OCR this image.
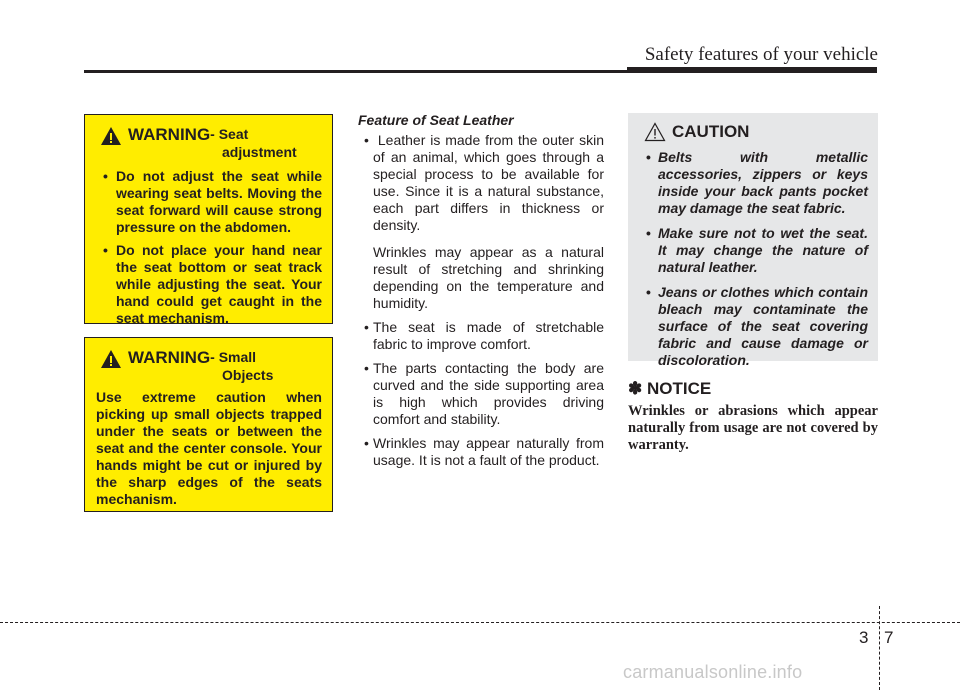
Safety features of your vehicle
WARNING - Seat
adjustment
• Do not adjust the seat while wearing seat belts. Moving the seat forward will cause strong pressure on the abdomen.
• Do not place your hand near the seat bottom or seat track while adjusting the seat. Your hand could get caught in the seat mechanism.
WARNING - Small
Objects

Use extreme caution when picking up small objects trapped under the seats or between the seat and the center console. Your hands might be cut or injured by the sharp edges of the seats mechanism.

Feature of Seat Leather
• Leather is made from the outer skin of an animal, which goes through a special process to be available for use. Since it is a natural substance, each part differs in thickness or density.
Wrinkles may appear as a natural result of stretching and shrinking depending on the temperature and humidity.
• The seat is made of stretchable fabric to improve comfort.
• The parts contacting the body are curved and the side supporting area is high which provides driving comfort and stability.
• Wrinkles may appear naturally from usage. It is not a fault of the product.
CAUTION
• Belts with metallic accessories, zippers or keys inside your back pants pocket may damage the seat fabric.
• Make sure not to wet the seat. It may change the nature of natural leather.
• Jeans or clothes which contain bleach may contaminate the surface of the seat covering fabric and cause damage or discoloration.
✽ NOTICE

Wrinkles or abrasions which appear naturally from usage are not covered by warranty.

3 7
carmanualsonline.info
